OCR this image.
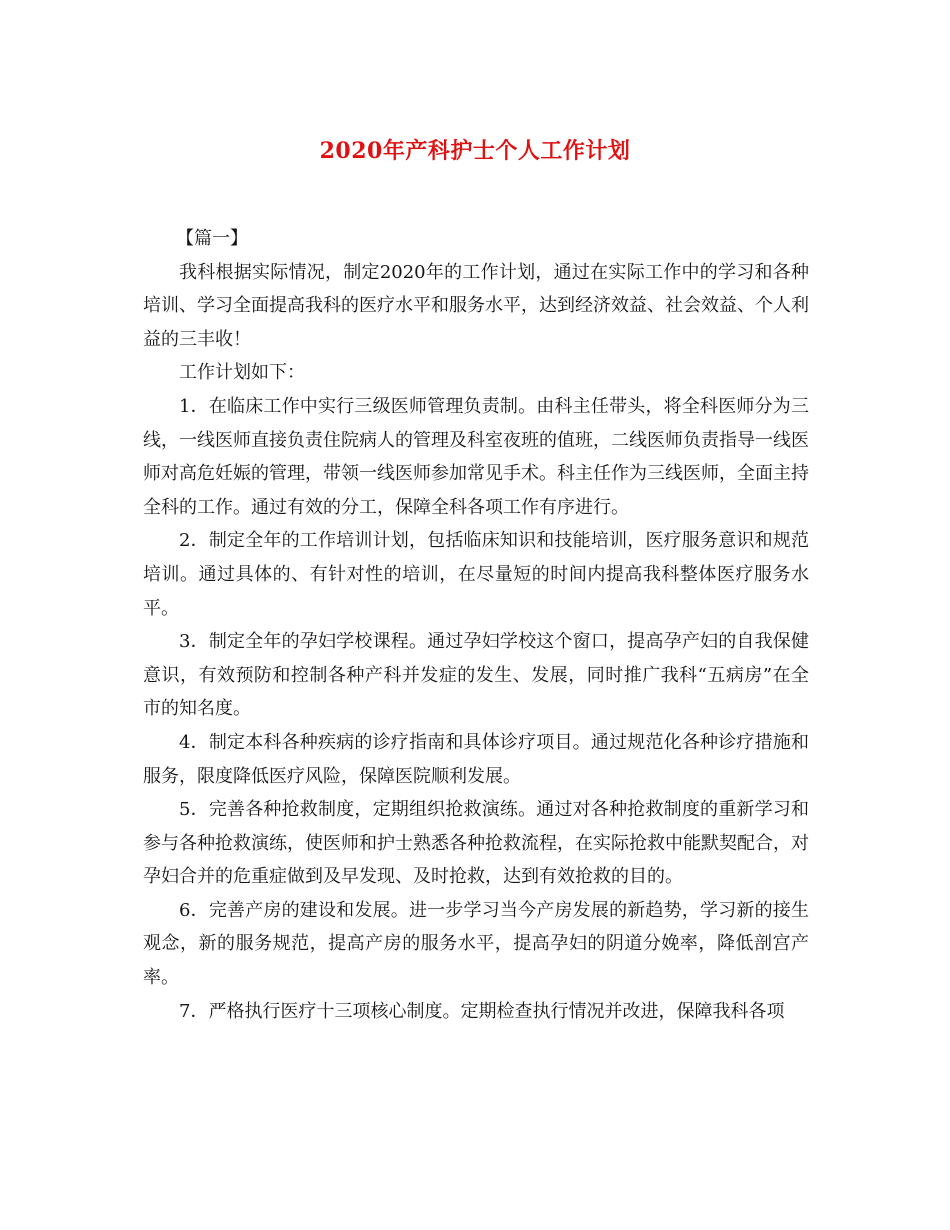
2020年产科护士个人工作计划

【篇一】

我科根据实际情况，制定2020年的工作计划，通过在实际工作中的学习和各种培训、学习全面提高我科的医疗水平和服务水平，达到经济效益、社会效益、个人利益的三丰收！

工作计划如下：

1．在临床工作中实行三级医师管理负责制。由科主任带头，将全科医师分为三线，一线医师直接负责住院病人的管理及科室夜班的值班，二线医师负责指导一线医师对高危妊娠的管理，带领一线医师参加常见手术。科主任作为三线医师，全面主持全科的工作。通过有效的分工，保障全科各项工作有序进行。

2．制定全年的工作培训计划，包括临床知识和技能培训，医疗服务意识和规范培训。通过具体的、有针对性的培训，在尽量短的时间内提高我科整体医疗服务水平。

3．制定全年的孕妇学校课程。通过孕妇学校这个窗口，提高孕产妇的自我保健意识，有效预防和控制各种产科并发症的发生、发展，同时推广我科“五病房”在全市的知名度。

4．制定本科各种疾病的诊疗指南和具体诊疗项目。通过规范化各种诊疗措施和服务，限度降低医疗风险，保障医院顺利发展。

5．完善各种抢救制度，定期组织抢救演练。通过对各种抢救制度的重新学习和参与各种抢救演练，使医师和护士熟悉各种抢救流程，在实际抢救中能默契配合，对孕妇合并的危重症做到及早发现、及时抢救，达到有效抢救的目的。

6．完善产房的建设和发展。进一步学习当今产房发展的新趋势，学习新的接生观念，新的服务规范，提高产房的服务水平，提高孕妇的阴道分娩率，降低剖宫产率。

7．严格执行医疗十三项核心制度。定期检查执行情况并改进，保障我科各项
